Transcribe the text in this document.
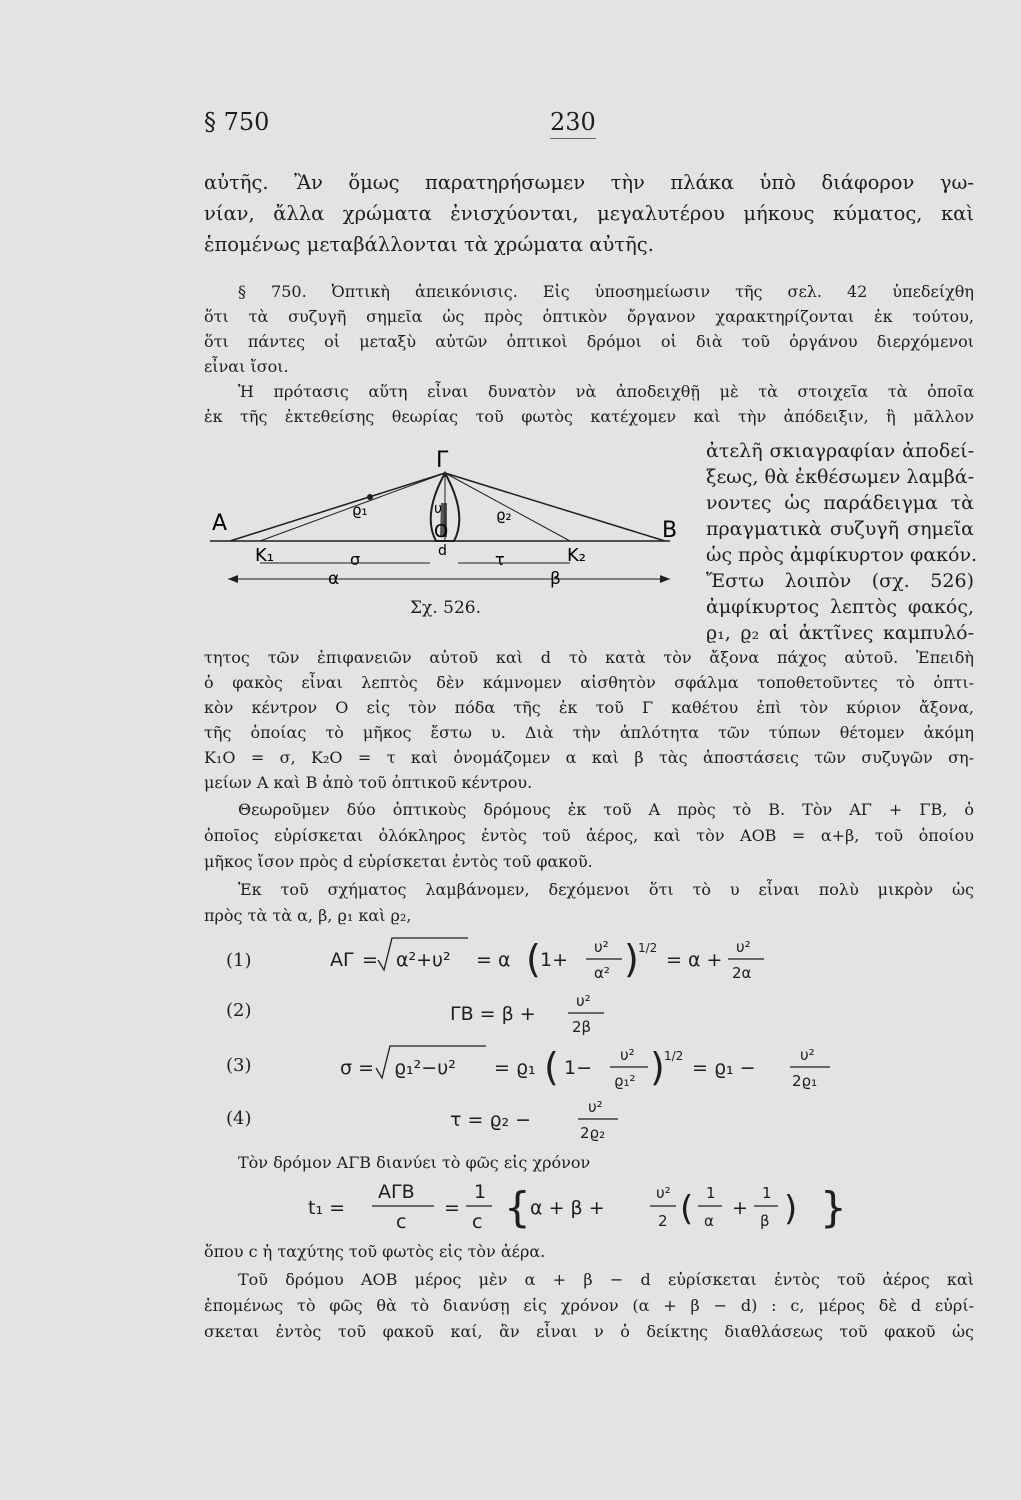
§ 750	230
αὐτῆς. Ἂν ὅμως παρατηρήσωμεν τὴν πλάκα ὑπὸ διάφορον γω-
νίαν, ἄλλα χρώματα ἐνισχύονται, μεγαλυτέρου μήκους κύματος, καὶ
ἑπομένως μεταβάλλονται τὰ χρώματα αὐτῆς.
§ 750. Ὀπτικὴ ἀπεικόνισις. Εἰς ὑποσημείωσιν τῆς σελ. 42 ὑπεδείχθη
ὅτι τὰ συζυγῆ σημεῖα ὡς πρὸς ὀπτικὸν ὄργανον χαρακτηρίζονται ἐκ τούτου,
ὅτι πάντες οἱ μεταξὺ αὐτῶν ὀπτικοὶ δρόμοι οἱ διὰ τοῦ ὀργάνου διερχόμενοι
εἶναι ἴσοι.
Ἡ πρότασις αὕτη εἶναι δυνατὸν νὰ ἀποδειχθῇ μὲ τὰ στοιχεῖα τὰ ὁποῖα
ἐκ τῆς ἐκτεθείσης θεωρίας τοῦ φωτὸς κατέχομεν καὶ τὴν ἀπόδειξιν, ἢ μᾶλλον
A	B
Γ
O
υ
ϱ₁	ϱ₂
K₁	K₂
σ	d	τ
α	β
Σχ. 526.
ἀτελῆ σκιαγραφίαν ἀποδεί-
ξεως, θὰ ἐκθέσωμεν λαμβά-
νοντες ὡς παράδειγμα τὰ
πραγματικὰ συζυγῆ σημεῖα
ὡς πρὸς ἀμφίκυρτον φακόν.
Ἔστω λοιπὸν (σχ. 526)
ἀμφίκυρτος λεπτὸς φακός,
ϱ₁, ϱ₂ αἱ ἀκτῖνες καμπυλό-
τητος τῶν ἐπιφανειῶν αὐτοῦ καὶ d τὸ κατὰ τὸν ἄξονα πάχος αὐτοῦ. Ἐπειδὴ
ὁ φακὸς εἶναι λεπτὸς δὲν κάμνομεν αἰσθητὸν σφάλμα τοποθετοῦντες τὸ ὀπτι-
κὸν κέντρον O εἰς τὸν πόδα τῆς ἐκ τοῦ Γ καθέτου ἐπὶ τὸν κύριον ἄξονα,
τῆς ὁποίας τὸ μῆκος ἔστω υ. Διὰ τὴν ἁπλότητα τῶν τύπων θέτομεν ἀκόμη
K₁O = σ, K₂O = τ καὶ ὀνομάζομεν α καὶ β τὰς ἀποστάσεις τῶν συζυγῶν ση-
μείων A καὶ B ἀπὸ τοῦ ὀπτικοῦ κέντρου.
Θεωροῦμεν δύο ὀπτικοὺς δρόμους ἐκ τοῦ A πρὸς τὸ B. Τὸν AΓ + ΓB, ὁ
ὁποῖος εὑρίσκεται ὁλόκληρος ἐντὸς τοῦ ἀέρος, καὶ τὸν AOB = α+β, τοῦ ὁποίου
μῆκος ἴσον πρὸς d εὑρίσκεται ἐντὸς τοῦ φακοῦ.
Ἐκ τοῦ σχήματος λαμβάνομεν, δεχόμενοι ὅτι τὸ υ εἶναι πολὺ μικρὸν ὡς
πρὸς τὰ τὰ α, β, ϱ₁ καὶ ϱ₂,
(1)
(2)
(3)
(4)
AΓ = α²+υ² = α ( 1+
υ²
α² ) 1/2
= α +
υ²
2α
ΓB = β +
υ²
2β
σ = ϱ₁²−υ² = ϱ₁ ( 1−
υ²
ϱ₁² ) 1/2
= ϱ₁ −
υ²
2ϱ₁
τ = ϱ₂ −
υ²
2ϱ₂
Τὸν δρόμον AΓB διανύει τὸ φῶς εἰς χρόνον
t₁ =
AΓB
c
=
1
c { α + β +
υ²
2 ( 1
α
+
1
β ) }
ὅπου c ἡ ταχύτης τοῦ φωτὸς εἰς τὸν ἀέρα.
Τοῦ δρόμου AOB μέρος μὲν α + β − d εὑρίσκεται ἐντὸς τοῦ ἀέρος καὶ
ἑπομένως τὸ φῶς θὰ τὸ διανύσῃ εἰς χρόνον (α + β − d) : c, μέρος δὲ d εὑρί-
σκεται ἐντὸς τοῦ φακοῦ καί, ἂν εἶναι ν ὁ δείκτης διαθλάσεως τοῦ φακοῦ ὡς
